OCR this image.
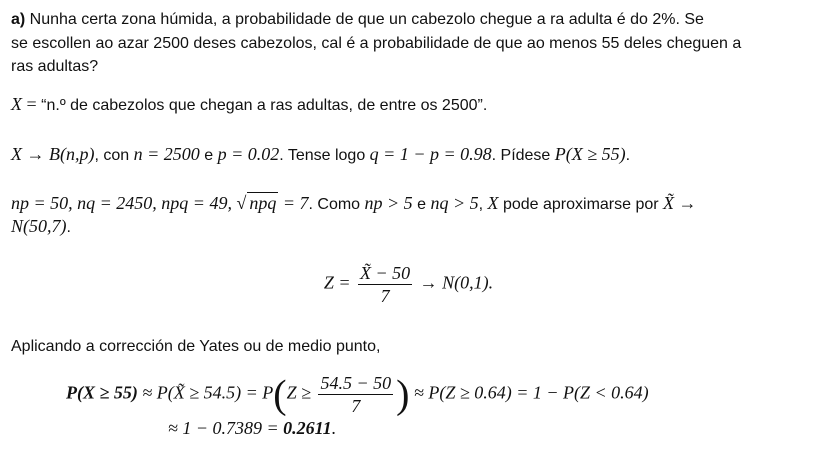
a) Nunha certa zona húmida, a probabilidade de que un cabezolo chegue a ra adulta é do 2%. Se
se escollen ao azar 2500 deses cabezolos, cal é a probabilidade de que ao menos 55 deles cheguen a
ras adultas?
X = “n.º de cabezolos que chegan a ras adultas, de entre os 2500”.
X → B(n,p), con n = 2500 e p = 0.02. Tense logo q = 1 − p = 0.98. Pídese P(X ≥ 55).
np = 50, nq = 2450, npq = 49, √ npq = 7. Como np > 5 e nq > 5, X pode aproximarse por X̃ →
N(50,7).
$Z = \frac{X̃ - 50}{7} \to N(0,1)$.
Aplicando a corrección de Yates ou de medio punto,
P(X ≥ 55) ≈ P(X̃ ≥ $54.5) = P(Z \ge \frac{54.5 - 50}{7}$ ) ≈ P(Z ≥ 0.64) = 1 − P(Z < 0.64)
≈ 1 − 0.7389 = 0.2611.
